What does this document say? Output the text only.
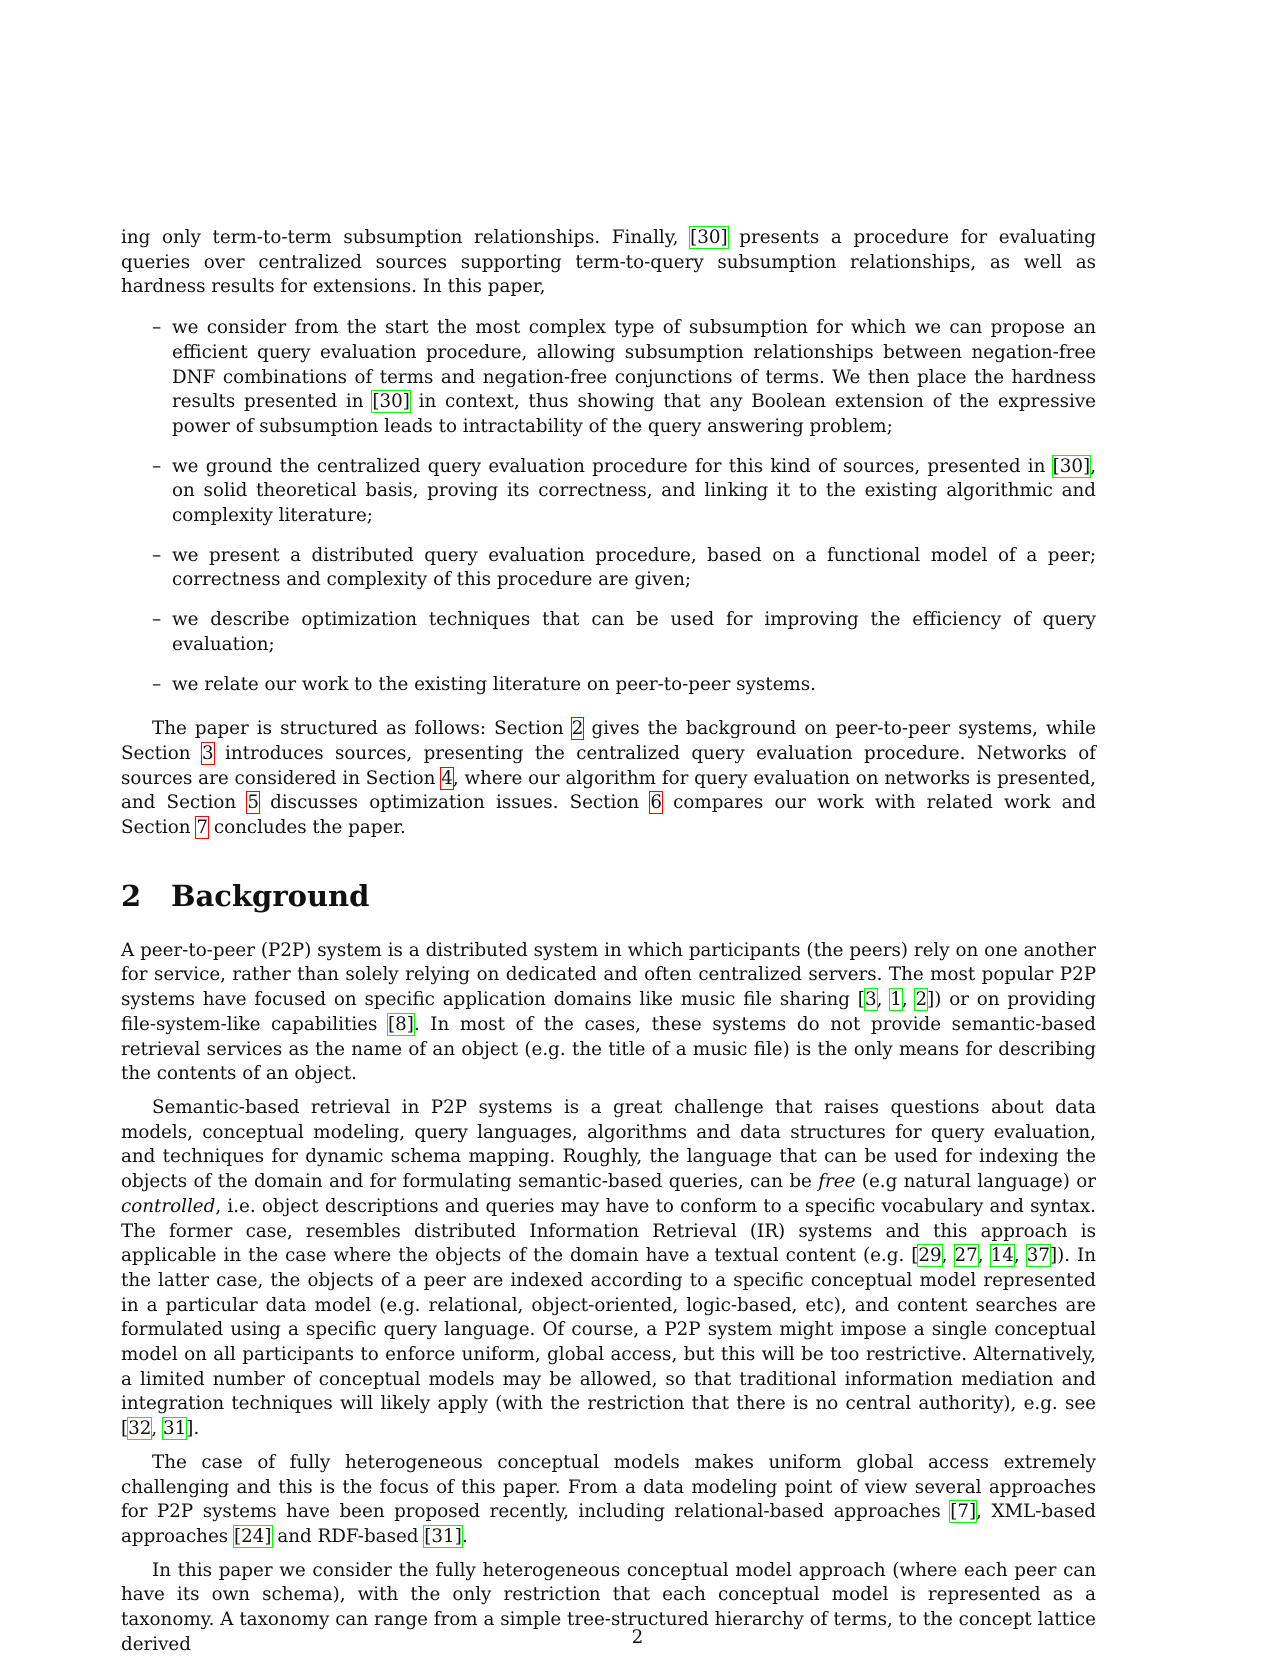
ing only term-to-term subsumption relationships. Finally, [30] presents a procedure for evaluating queries over centralized sources supporting term-to-query subsumption relationships, as well as hardness results for extensions. In this paper,

– we consider from the start the most complex type of subsumption for which we can propose an efficient query evaluation procedure, allowing subsumption relationships between negation-free DNF combinations of terms and negation-free conjunctions of terms. We then place the hardness results presented in [30] in context, thus showing that any Boolean extension of the expressive power of subsumption leads to intractability of the query answering problem;
– we ground the centralized query evaluation procedure for this kind of sources, presented in [30], on solid theoretical basis, proving its correctness, and linking it to the existing algorithmic and complexity literature;
– we present a distributed query evaluation procedure, based on a functional model of a peer; correctness and complexity of this procedure are given;
– we describe optimization techniques that can be used for improving the efficiency of query evaluation;
– we relate our work to the existing literature on peer-to-peer systems.

The paper is structured as follows: Section 2 gives the background on peer-to-peer systems, while Section 3 introduces sources, presenting the centralized query evaluation procedure. Networks of sources are considered in Section 4, where our algorithm for query evaluation on networks is presented, and Section 5 discusses optimization issues. Section 6 compares our work with related work and Section 7 concludes the paper.

2 Background

A peer-to-peer (P2P) system is a distributed system in which participants (the peers) rely on one another for service, rather than solely relying on dedicated and often centralized servers. The most popular P2P systems have focused on specific application domains like music file sharing [3, 1, 2]) or on providing file-system-like capabilities [8]. In most of the cases, these systems do not provide semantic-based retrieval services as the name of an object (e.g. the title of a music file) is the only means for describing the contents of an object.

Semantic-based retrieval in P2P systems is a great challenge that raises questions about data models, conceptual modeling, query languages, algorithms and data structures for query evaluation, and techniques for dynamic schema mapping. Roughly, the language that can be used for indexing the objects of the domain and for formulating semantic-based queries, can be free (e.g natural language) or controlled, i.e. object descriptions and queries may have to conform to a specific vocabulary and syntax. The former case, resembles distributed Information Retrieval (IR) systems and this approach is applicable in the case where the objects of the domain have a textual content (e.g. [29, 27, 14, 37]). In the latter case, the objects of a peer are indexed according to a specific conceptual model represented in a particular data model (e.g. relational, object-oriented, logic-based, etc), and content searches are formulated using a specific query language. Of course, a P2P system might impose a single conceptual model on all participants to enforce uniform, global access, but this will be too restrictive. Alternatively, a limited number of conceptual models may be allowed, so that traditional information mediation and integration techniques will likely apply (with the restriction that there is no central authority), e.g. see [32, 31].

The case of fully heterogeneous conceptual models makes uniform global access extremely challenging and this is the focus of this paper. From a data modeling point of view several approaches for P2P systems have been proposed recently, including relational-based approaches [7], XML-based approaches [24] and RDF-based [31].

In this paper we consider the fully heterogeneous conceptual model approach (where each peer can have its own schema), with the only restriction that each conceptual model is represented as a taxonomy. A taxonomy can range from a simple tree-structured hierarchy of terms, to the concept lattice derived	2
